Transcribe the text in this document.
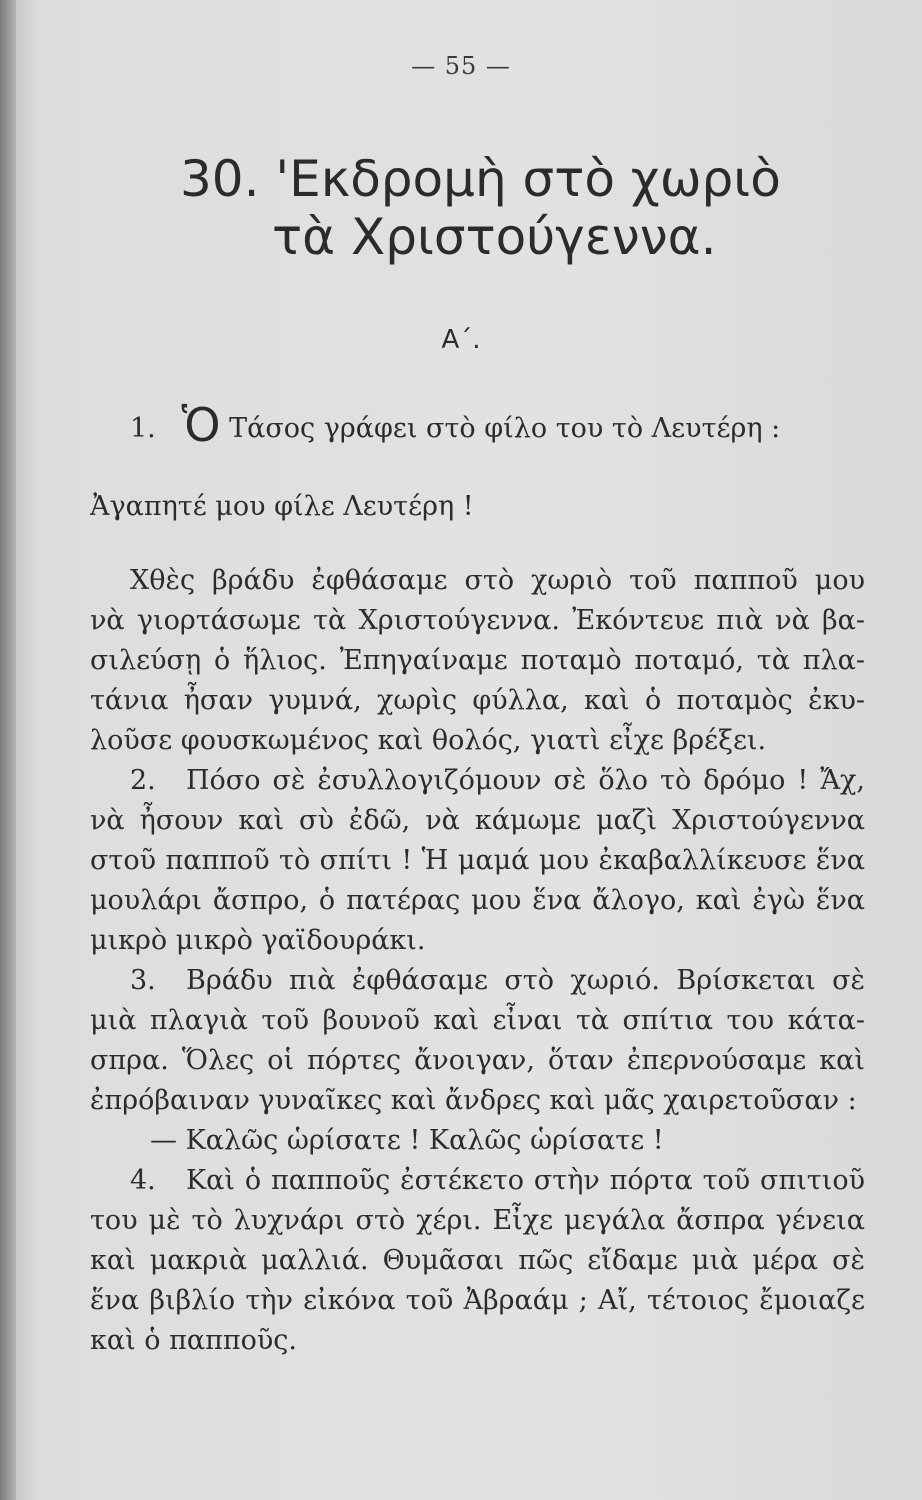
— 55 —
30. 'Εκδρομὴ στὸ χωριὸ
τὰ Χριστούγεννα.
Α΄.

1. Ὁ Τάσος γράφει στὸ φίλο του τὸ Λευτέρη :

Ἀγαπητέ μου φίλε Λευτέρη !

Χθὲς βράδυ ἐφθάσαμε στὸ χωριὸ τοῦ παπποῦ μου
νὰ γιορτάσωμε τὰ Χριστούγεννα. Ἐκόντευε πιὰ νὰ βα-
σιλεύσῃ ὁ ἥλιος. Ἐπηγαίναμε ποταμὸ ποταμό, τὰ πλα-
τάνια ἦσαν γυμνά, χωρὶς φύλλα, καὶ ὁ ποταμὸς ἐκυ-
λοῦσε φουσκωμένος καὶ θολός, γιατὶ εἶχε βρέξει.

2. Πόσο σὲ ἐσυλλογιζόμουν σὲ ὅλο τὸ δρόμο ! Ἄχ,
νὰ ἦσουν καὶ σὺ ἐδῶ, νὰ κάμωμε μαζὶ Χριστούγεννα
στοῦ παπποῦ τὸ σπίτι ! Ἡ μαμά μου ἐκαβαλλίκευσε ἕνα
μουλάρι ἄσπρο, ὁ πατέρας μου ἕνα ἄλογο, καὶ ἐγὼ ἕνα
μικρὸ μικρὸ γαϊδουράκι.

3. Βράδυ πιὰ ἐφθάσαμε στὸ χωριό. Βρίσκεται σὲ
μιὰ πλαγιὰ τοῦ βουνοῦ καὶ εἶναι τὰ σπίτια του κάτα-
σπρα. Ὅλες οἱ πόρτες ἄνοιγαν, ὅταν ἐπερνούσαμε καὶ
ἐπρόβαιναν γυναῖκες καὶ ἄνδρες καὶ μᾶς χαιρετοῦσαν :
— Καλῶς ὡρίσατε ! Καλῶς ὡρίσατε !

4. Καὶ ὁ παπποῦς ἐστέκετο στὴν πόρτα τοῦ σπιτιοῦ
του μὲ τὸ λυχνάρι στὸ χέρι. Εἶχε μεγάλα ἄσπρα γένεια
καὶ μακριὰ μαλλιά. Θυμᾶσαι πῶς εἴδαμε μιὰ μέρα σὲ
ἕνα βιβλίο τὴν εἰκόνα τοῦ Ἀβραάμ ; Αἴ, τέτοιος ἔμοιαζε
καὶ ὁ παπποῦς.
